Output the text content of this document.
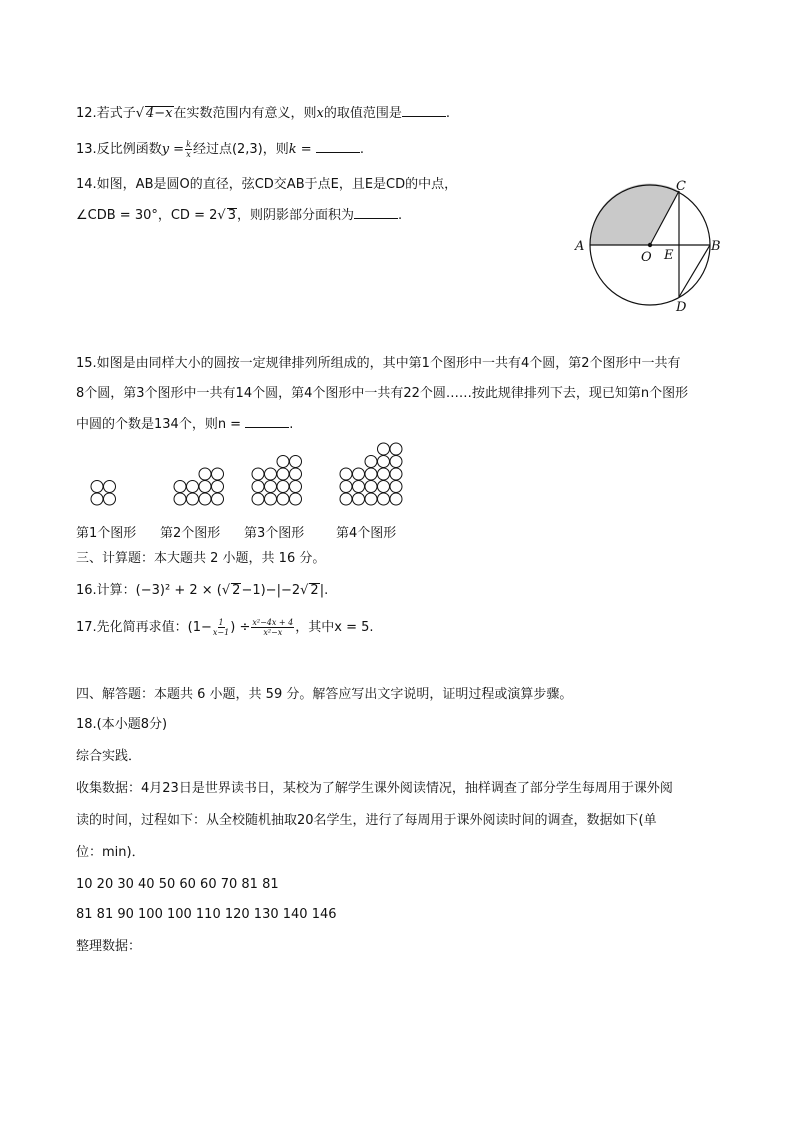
12.若式子√ 4−x在实数范围内有意义，则x的取值范围是	.
13.反比例函数$y = \frac{k}{x}$ 经过点(2,3)，则k =	.
14.如图，AB是圆O的直径，弦CD交AB于点E，且E是CD的中点，
∠CDB = 30°，CD = 2√ 3，则阴影部分面积为	.
A	B
C
D
E
O
15.如图是由同样大小的圆按一定规律排列所组成的，其中第1个图形中一共有4个圆，第2个图形中一共有
8个圆，第3个图形中一共有14个圆，第4个图形中一共有22个圆……按此规律排列下去，现已知第n个图形
中圆的个数是134个，则n =	.
第1个图形 第2个图形 第3个图形 第4个图形
三、计算题：本大题共 2 小题，共 16 分。
16.计算：(−3)² + 2 × (√ 2−1)−|−2√ 2|.
17.先化简再求值：($1- \frac{1}{x-1}$ ) ÷ $\frac{\text{x²−4x + 4}}{\text{x²−x}}$ ，其中x = 5.
四、解答题：本题共 6 小题，共 59 分。解答应写出文字说明，证明过程或演算步骤。
18.(本小题8分)
综合实践．
收集数据：4月23日是世界读书日，某校为了解学生课外阅读情况，抽样调查了部分学生每周用于课外阅
读的时间，过程如下：从全校随机抽取20名学生，进行了每周用于课外阅读时间的调查，数据如下(单
位：min)．
10 20 30 40 50 60 60 70 81 81
81 81 90 100 100 110 120 130 140 146
整理数据：
